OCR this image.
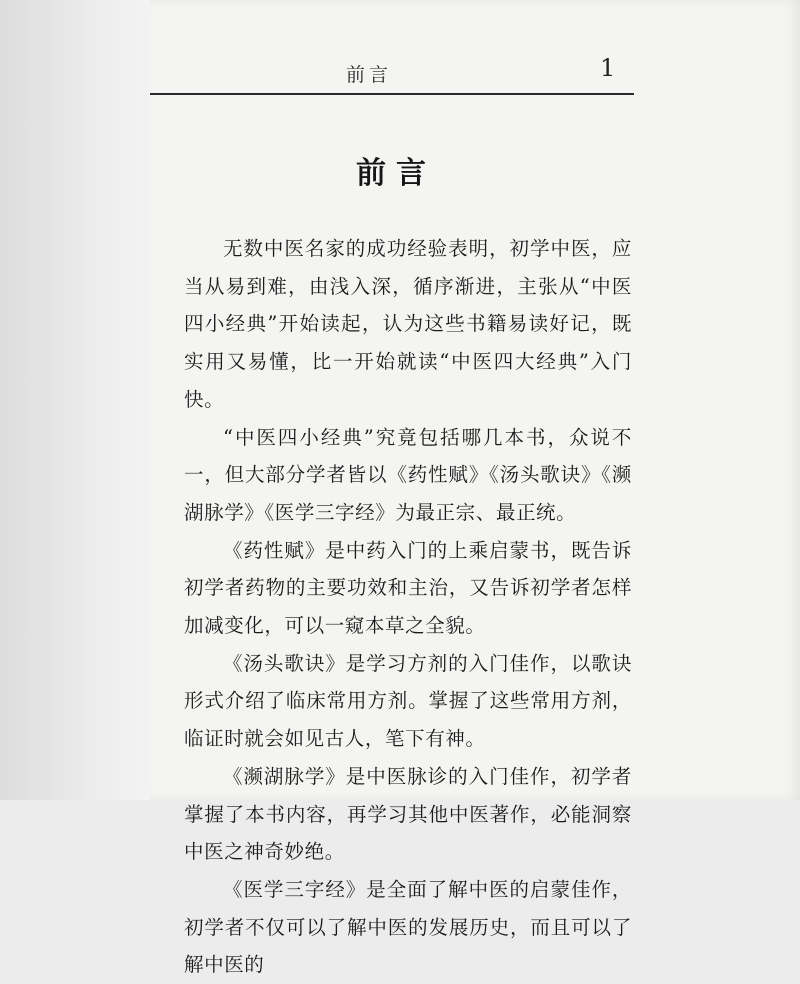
前言	1
前言

无数中医名家的成功经验表明，初学中医，应当从易到难，由浅入深，循序渐进，主张从“中医四小经典”开始读起，认为这些书籍易读好记，既实用又易懂，比一开始就读“中医四大经典”入门快。

“中医四小经典”究竟包括哪几本书，众说不一，但大部分学者皆以《药性赋》《汤头歌诀》《濒湖脉学》《医学三字经》为最正宗、最正统。

《药性赋》是中药入门的上乘启蒙书，既告诉初学者药物的主要功效和主治，又告诉初学者怎样加减变化，可以一窥本草之全貌。

《汤头歌诀》是学习方剂的入门佳作，以歌诀形式介绍了临床常用方剂。掌握了这些常用方剂，临证时就会如见古人，笔下有神。

《濒湖脉学》是中医脉诊的入门佳作，初学者掌握了本书内容，再学习其他中医著作，必能洞察中医之神奇妙绝。

《医学三字经》是全面了解中医的启蒙佳作，初学者不仅可以了解中医的发展历史，而且可以了解中医的
